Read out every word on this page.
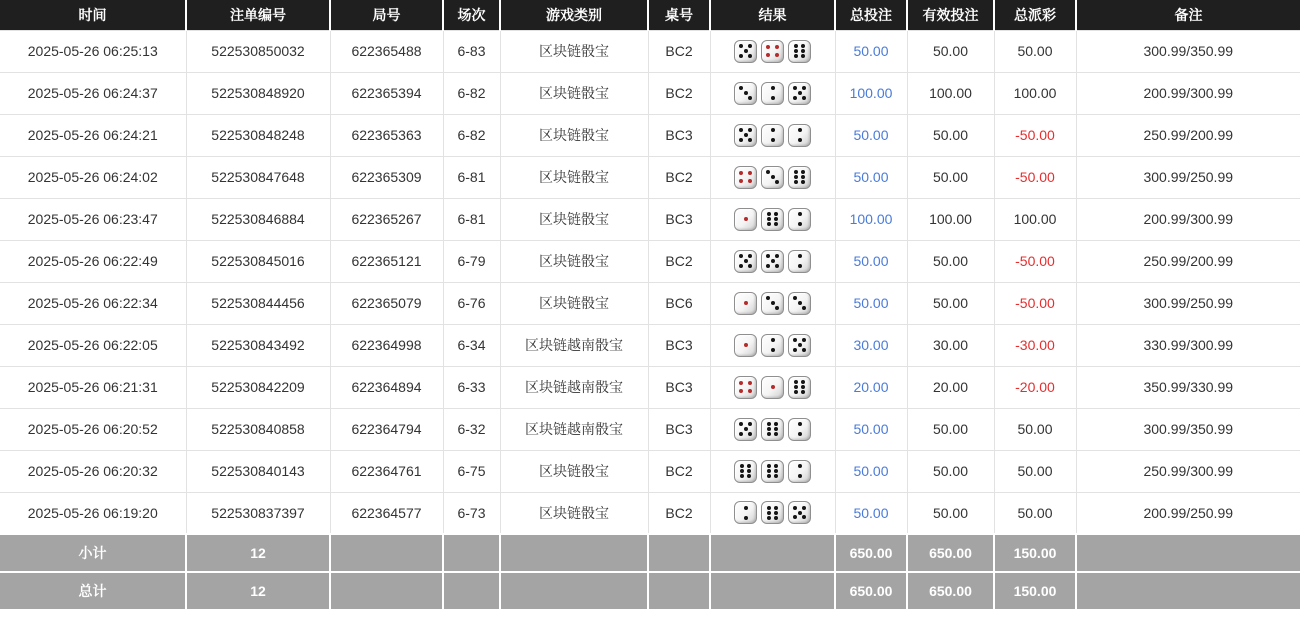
时间	注单编号	局号	场次	游戏类别	桌号	结果	总投注	有效投注	总派彩	备注
2025-05-26 06:25:13	522530850032	622365488	6-83	区块链骰宝	BC2		50.00	50.00	50.00	300.99/350.99
2025-05-26 06:24:37	522530848920	622365394	6-82	区块链骰宝	BC2		100.00	100.00	100.00	200.99/300.99
2025-05-26 06:24:21	522530848248	622365363	6-82	区块链骰宝	BC3		50.00	50.00	-50.00	250.99/200.99
2025-05-26 06:24:02	522530847648	622365309	6-81	区块链骰宝	BC2		50.00	50.00	-50.00	300.99/250.99
2025-05-26 06:23:47	522530846884	622365267	6-81	区块链骰宝	BC3		100.00	100.00	100.00	200.99/300.99
2025-05-26 06:22:49	522530845016	622365121	6-79	区块链骰宝	BC2		50.00	50.00	-50.00	250.99/200.99
2025-05-26 06:22:34	522530844456	622365079	6-76	区块链骰宝	BC6		50.00	50.00	-50.00	300.99/250.99
2025-05-26 06:22:05	522530843492	622364998	6-34	区块链越南骰宝	BC3		30.00	30.00	-30.00	330.99/300.99
2025-05-26 06:21:31	522530842209	622364894	6-33	区块链越南骰宝	BC3		20.00	20.00	-20.00	350.99/330.99
2025-05-26 06:20:52	522530840858	622364794	6-32	区块链越南骰宝	BC3		50.00	50.00	50.00	300.99/350.99
2025-05-26 06:20:32	522530840143	622364761	6-75	区块链骰宝	BC2		50.00	50.00	50.00	250.99/300.99
2025-05-26 06:19:20	522530837397	622364577	6-73	区块链骰宝	BC2		50.00	50.00	50.00	200.99/250.99
小计	12						650.00	650.00	150.00	
总计	12						650.00	650.00	150.00	
